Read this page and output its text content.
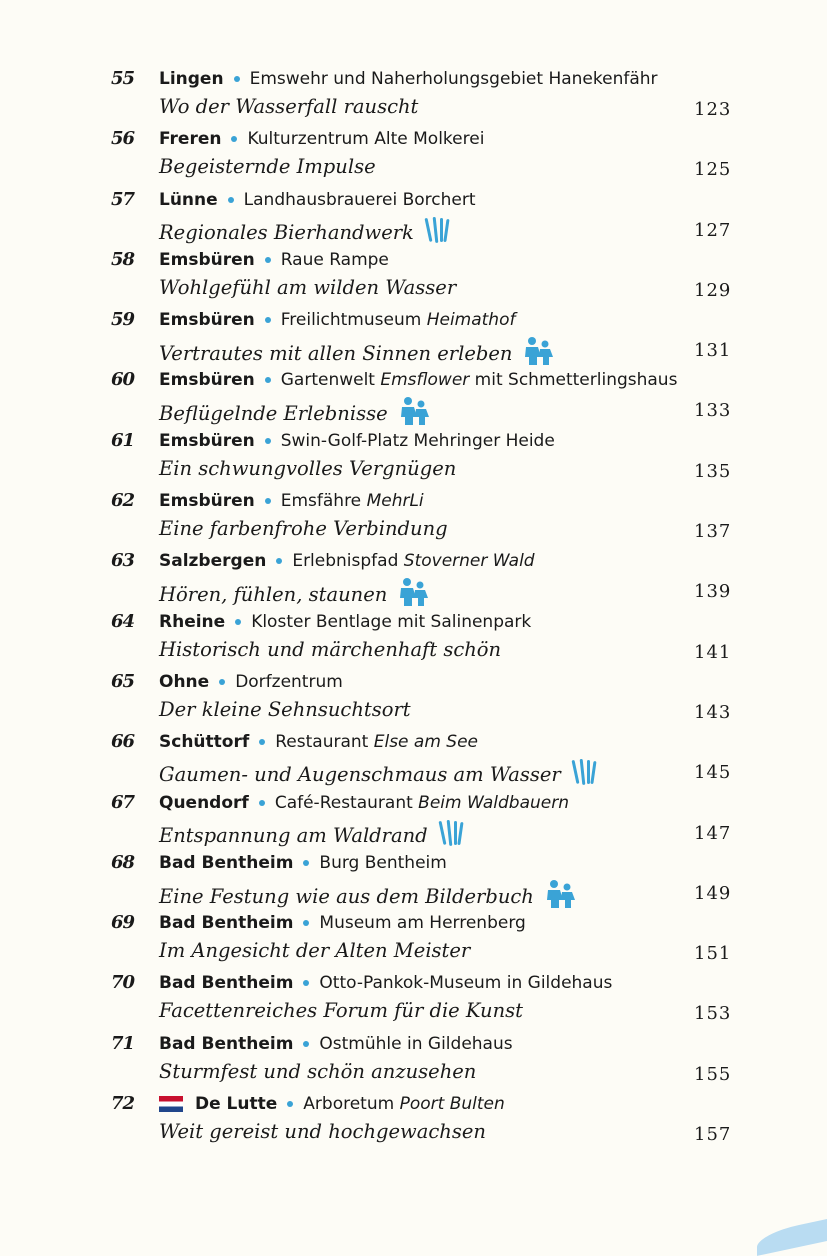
55 Lingen Emswehr und Naherholungsgebiet Hanekenfähr
Wo der Wasserfall rauscht	123
56 Freren Kulturzentrum Alte Molkerei
Begeisternde Impulse	125
57 Lünne Landhausbrauerei Borchert
Regionales Bierhandwerk	127
58 Emsbüren Raue Rampe
Wohlgefühl am wilden Wasser	129
59 Emsbüren Freilichtmuseum Heimathof
Vertrautes mit allen Sinnen erleben	131
60 Emsbüren Gartenwelt Emsflower mit Schmetterlingshaus
Beflügelnde Erlebnisse	133
61 Emsbüren Swin-Golf-Platz Mehringer Heide
Ein schwungvolles Vergnügen	135
62 Emsbüren Emsfähre MehrLi
Eine farbenfrohe Verbindung	137
63 Salzbergen Erlebnispfad Stoverner Wald
Hören, fühlen, staunen	139
64 Rheine Kloster Bentlage mit Salinenpark
Historisch und märchenhaft schön	141
65 Ohne Dorfzentrum
Der kleine Sehnsuchtsort	143
66 Schüttorf Restaurant Else am See
Gaumen- und Augenschmaus am Wasser	145
67 Quendorf Café-Restaurant Beim Waldbauern
Entspannung am Waldrand	147
68 Bad Bentheim Burg Bentheim
Eine Festung wie aus dem Bilderbuch	149
69 Bad Bentheim Museum am Herrenberg
Im Angesicht der Alten Meister	151
70 Bad Bentheim Otto-Pankok-Museum in Gildehaus
Facettenreiches Forum für die Kunst	153
71 Bad Bentheim Ostmühle in Gildehaus
Sturmfest und schön anzusehen	155
72	De Lutte Arboretum Poort Bulten
Weit gereist und hochgewachsen	157
